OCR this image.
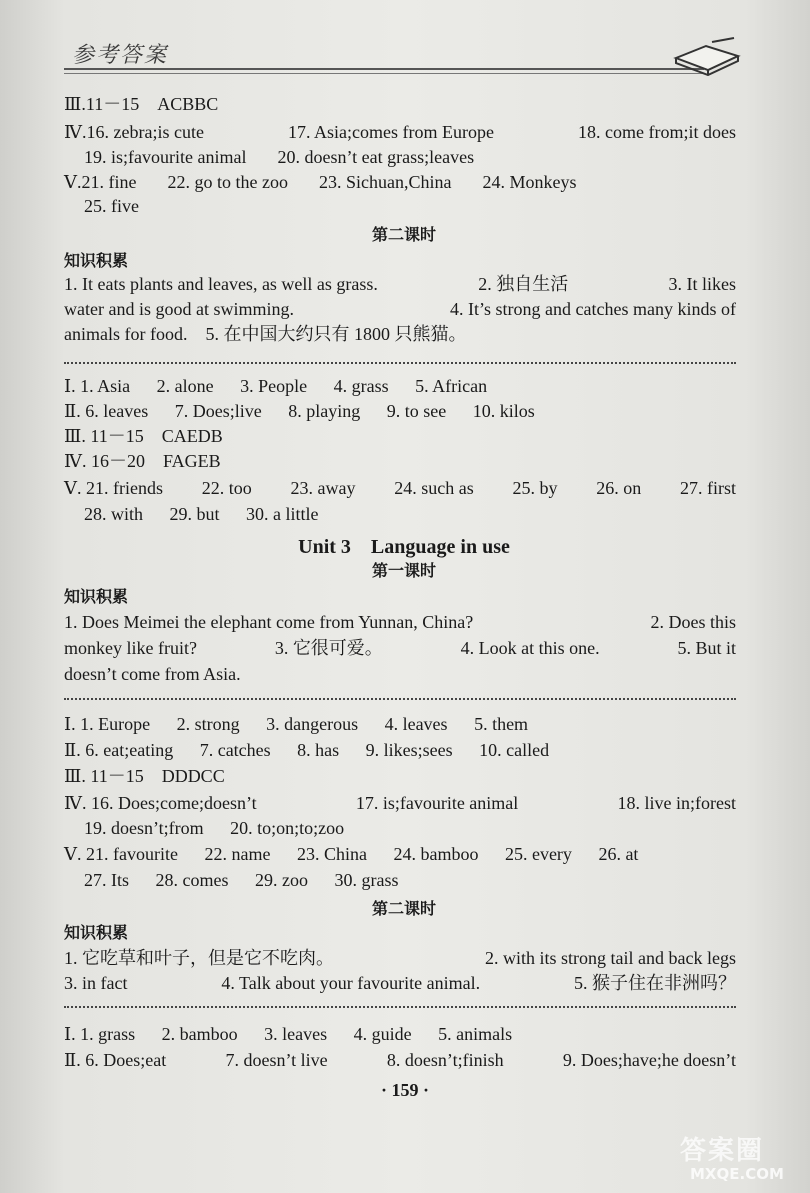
参考答案
Ⅲ.11－15　ACBBC
Ⅳ.16. zebra;is cute	17. Asia;comes from Europe	18. come from;it does
19. is;favourite animal 20. doesn’t eat grass;leaves
Ⅴ.21. fine 22. go to the zoo 23. Sichuan,China 24. Monkeys
25. five
第二课时
知识积累
1. It eats plants and leaves, as well as grass.	2. 独自生活	3. It likes
water and is good at swimming.	4. It’s strong and catches many kinds of
animals for food.　5. 在中国大约只有 1800 只熊猫。
Ⅰ. 1. Asia 2. alone 3. People 4. grass 5. African
Ⅱ. 6. leaves 7. Does;live 8. playing 9. to see 10. kilos
Ⅲ. 11－15　CAEDB
Ⅳ. 16－20　FAGEB
Ⅴ. 21. friends 22. too 23. away 24. such as 25. by 26. on 27. first
28. with 29. but 30. a little
Unit 3　Language in use
第一课时
知识积累
1. Does Meimei the elephant come from Yunnan, China?	2. Does this
monkey like fruit?	3. 它很可爱。	4. Look at this one.	5. But it
doesn’t come from Asia.
Ⅰ. 1. Europe 2. strong 3. dangerous 4. leaves 5. them
Ⅱ. 6. eat;eating 7. catches 8. has 9. likes;sees 10. called
Ⅲ. 11－15　DDDCC
Ⅳ. 16. Does;come;doesn’t	17. is;favourite animal	18. live in;forest
19. doesn’t;from 20. to;on;to;zoo
Ⅴ. 21. favourite 22. name 23. China 24. bamboo 25. every 26. at
27. Its 28. comes 29. zoo 30. grass
第二课时
知识积累
1. 它吃草和叶子，但是它不吃肉。	2. with its strong tail and back legs
3. in fact	4. Talk about your favourite animal.	5. 猴子住在非洲吗？
Ⅰ. 1. grass 2. bamboo 3. leaves 4. guide 5. animals
Ⅱ. 6. Does;eat	7. doesn’t live	8. doesn’t;finish	9. Does;have;he doesn’t
· 159 ·
答案圈
MXQE.COM
